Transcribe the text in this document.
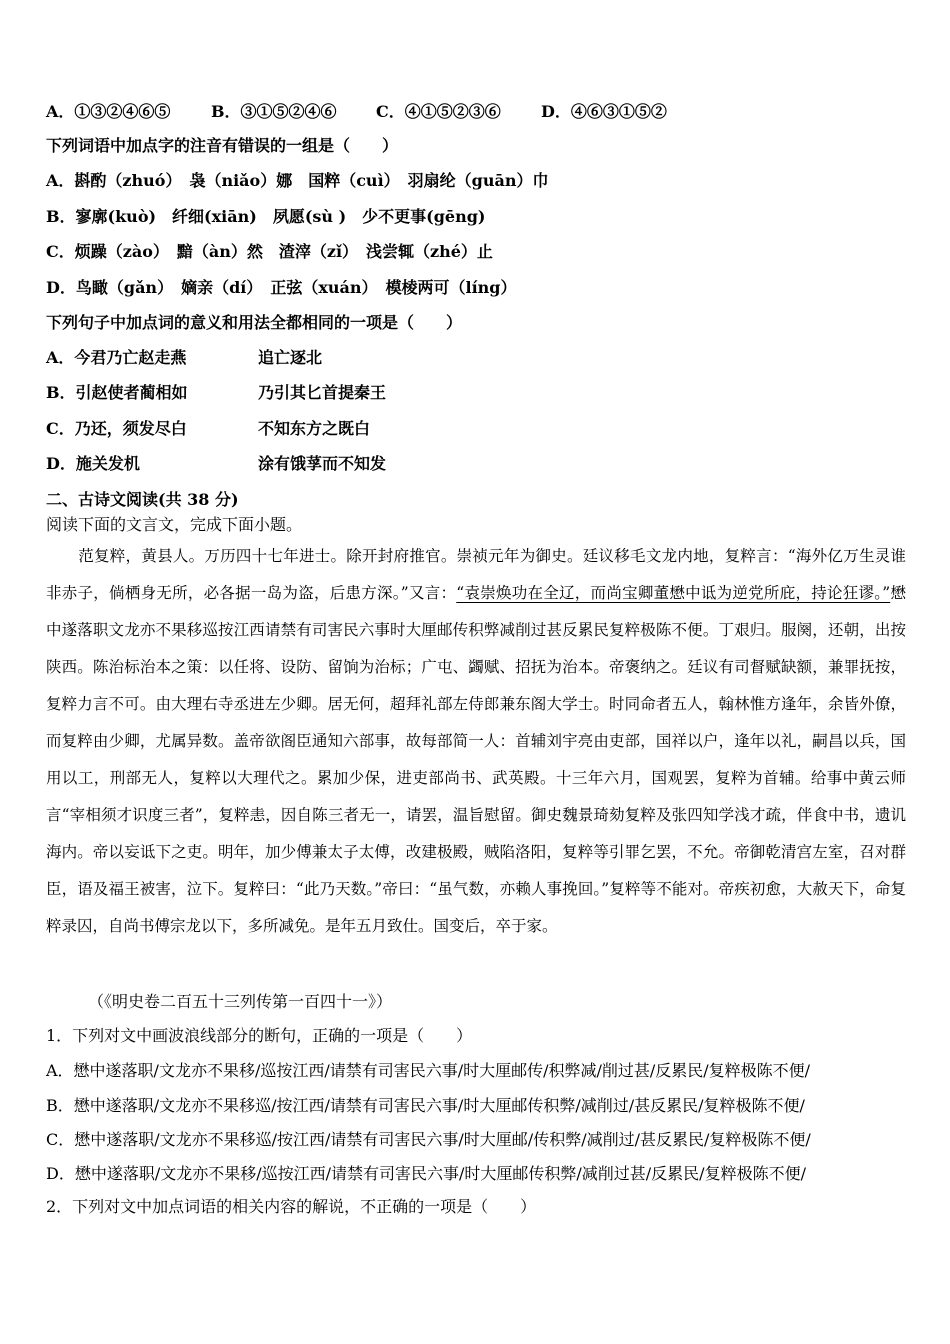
A．①③②④⑥⑤	B．③①⑤②④⑥ C．④①⑤②③⑥	D．④⑥③①⑤②
下列词语中加点字的注音有错误的一组是（　　）
A．斟酌（zhuó）　袅（niǎo）娜　国粹（cuì）　羽扇纶（guān）巾
B．寥廓(kuò)　纤细(xiān)　夙愿(sù )　少不更事(gēng)
C．烦躁（zào）　黯（àn）然　渣滓（zǐ）　浅尝辄（zhé）止
D．鸟瞰（gǎn）　嫡亲（dí）　正弦（xuán）　模棱两可（líng）
下列句子中加点词的意义和用法全都相同的一项是（　　）
A．今君乃亡赵走燕	追亡逐北
B．引赵使者蔺相如	乃引其匕首提秦王
C．乃还，须发尽白	不知东方之既白
D．施关发机	涂有饿莩而不知发
二、古诗文阅读(共 38 分)
阅读下面的文言文，完成下面小题。
范复粹，黄县人。万历四十七年进士。除开封府推官。崇祯元年为御史。廷议移毛文龙内地，复粹言：“海外亿万生灵谁非赤子，倘栖身无所，必各据一岛为盗，后患方深。”又言：“袁崇焕功在全辽，而尚宝卿董懋中诋为逆党所庇，持论狂谬。”懋中遂落职文龙亦不果移巡按江西请禁有司害民六事时大厘邮传积弊减削过甚反累民复粹极陈不便。丁艰归。服阕，还朝，出按陕西。陈治标治本之策：以任将、设防、留饷为治标；广屯、蠲赋、招抚为治本。帝褒纳之。廷议有司督赋缺额，兼罪抚按，复粹力言不可。由大理右寺丞进左少卿。居无何，超拜礼部左侍郎兼东阁大学士。时同命者五人，翰林惟方逢年，余皆外僚，而复粹由少卿，尤属异数。盖帝欲阁臣通知六部事，故每部简一人：首辅刘宇亮由吏部，国祥以户，逢年以礼，嗣昌以兵，国用以工，刑部无人，复粹以大理代之。累加少保，进吏部尚书、武英殿。十三年六月，国观罢，复粹为首辅。给事中黄云师言“宰相须才识度三者”，复粹恚，因自陈三者无一，请罢，温旨慰留。御史魏景琦劾复粹及张四知学浅才疏，伴食中书，遗讥海内。帝以妄诋下之吏。明年，加少傅兼太子太傅，改建极殿，贼陷洛阳，复粹等引罪乞罢，不允。帝御乾清宫左室，召对群臣，语及福王被害，泣下。复粹曰：“此乃天数。”帝曰：“虽气数，亦赖人事挽回。”复粹等不能对。帝疾初愈，大赦天下，命复粹录囚，自尚书傅宗龙以下，多所减免。是年五月致仕。国变后，卒于家。
（《明史卷二百五十三列传第一百四十一》）
1．下列对文中画波浪线部分的断句，正确的一项是（　　）
A．懋中遂落职/文龙亦不果移/巡按江西/请禁有司害民六事/时大厘邮传/积弊减/削过甚/反累民/复粹极陈不便/
B．懋中遂落职/文龙亦不果移巡/按江西/请禁有司害民六事/时大厘邮传积弊/减削过/甚反累民/复粹极陈不便/
C．懋中遂落职/文龙亦不果移巡/按江西/请禁有司害民六事/时大厘邮/传积弊/减削过/甚反累民/复粹极陈不便/
D．懋中遂落职/文龙亦不果移/巡按江西/请禁有司害民六事/时大厘邮传积弊/减削过甚/反累民/复粹极陈不便/
2．下列对文中加点词语的相关内容的解说，不正确的一项是（　　）
